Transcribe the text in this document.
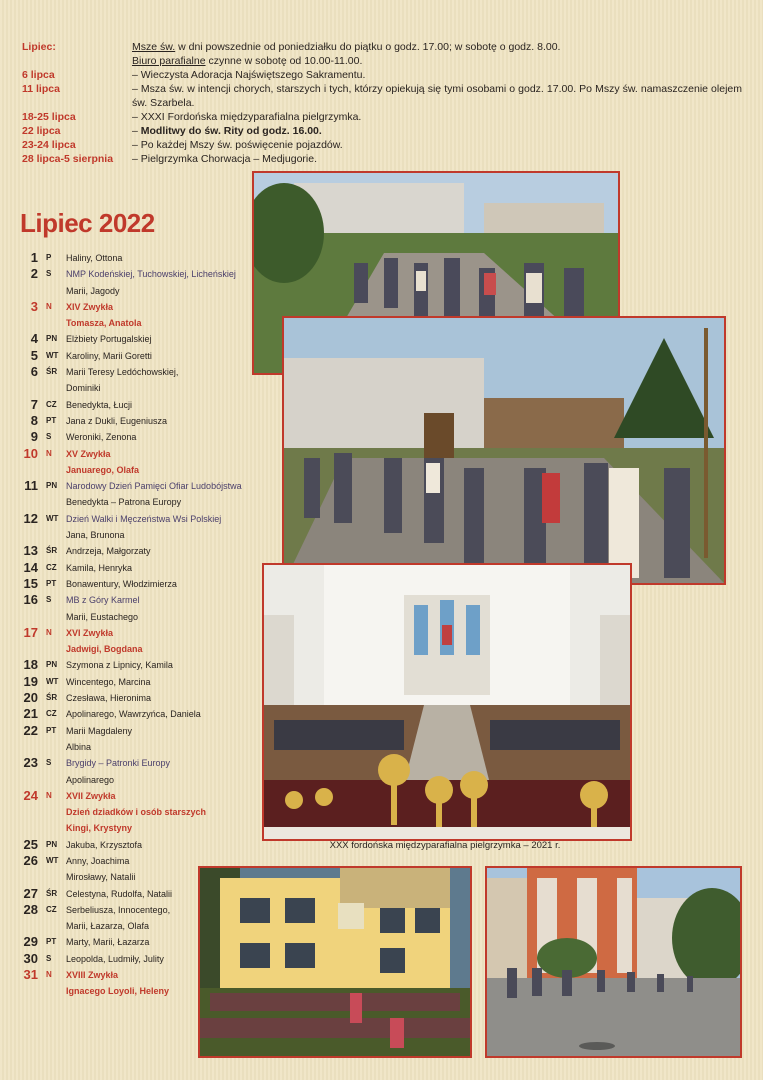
Lipiec:	Msze św. w dni powszednie od poniedziałku do piątku o godz. 17.00; w sobotę o godz. 8.00.
Biuro parafialne czynne w sobotę od 10.00-11.00.
6 lipca	– Wieczysta Adoracja Najświętszego Sakramentu.
11 lipca	– Msza św. w intencji chorych, starszych i tych, którzy opiekują się tymi osobami o godz. 17.00. Po Mszy św. namaszczenie olejem św. Szarbela.
18-25 lipca	– XXXI Fordońska międzyparafialna pielgrzymka.
22 lipca	– Modlitwy do św. Rity od godz. 16.00.
23-24 lipca	– Po każdej Mszy św. poświęcenie pojazdów.
28 lipca-5 sierpnia	– Pielgrzymka Chorwacja – Medjugorie.
Lipiec 2022
1 P Haliny, Ottona
2 S NMP Kodeńskiej, Tuchowskiej, Licheńskiej
Marii, Jagody
3 N XIV Zwykła
Tomasza, Anatola
4 PN Elżbiety Portugalskiej
5 WT Karoliny, Marii Goretti
6 ŚR Marii Teresy Ledóchowskiej,
Dominiki
7 CZ Benedykta, Łucji
8 PT Jana z Dukli, Eugeniusza
9 S Weroniki, Zenona
10 N XV Zwykła
Januarego, Olafa
11 PN Narodowy Dzień Pamięci Ofiar Ludobójstwa
Benedykta – Patrona Europy
12 WT Dzień Walki i Męczeństwa Wsi Polskiej
Jana, Brunona
13 ŚR Andrzeja, Małgorzaty
14 CZ Kamila, Henryka
15 PT Bonawentury, Włodzimierza
16 S MB z Góry Karmel
Marii, Eustachego
17 N XVI Zwykła
Jadwigi, Bogdana
18 PN Szymona z Lipnicy, Kamila
19 WT Wincentego, Marcina
20 ŚR Czesława, Hieronima
21 CZ Apolinarego, Wawrzyńca, Daniela
22 PT Marii Magdaleny
Albina
23 S Brygidy – Patronki Europy
Apolinarego
24 N XVII Zwykła
Dzień dziadków i osób starszych
Kingi, Krystyny
25 PN Jakuba, Krzysztofa
26 WT Anny, Joachima
Mirosławy, Natalii
27 ŚR Celestyna, Rudolfa, Natalii
28 CZ Serbeliusza, Innocentego,
Marii, Łazarza, Olafa
29 PT Marty, Marii, Łazarza
30 S Leopolda, Ludmiły, Julity
31 N XVIII Zwykła
Ignacego Loyoli, Heleny
XXX fordońska międzyparafialna pielgrzymka – 2021 r.
